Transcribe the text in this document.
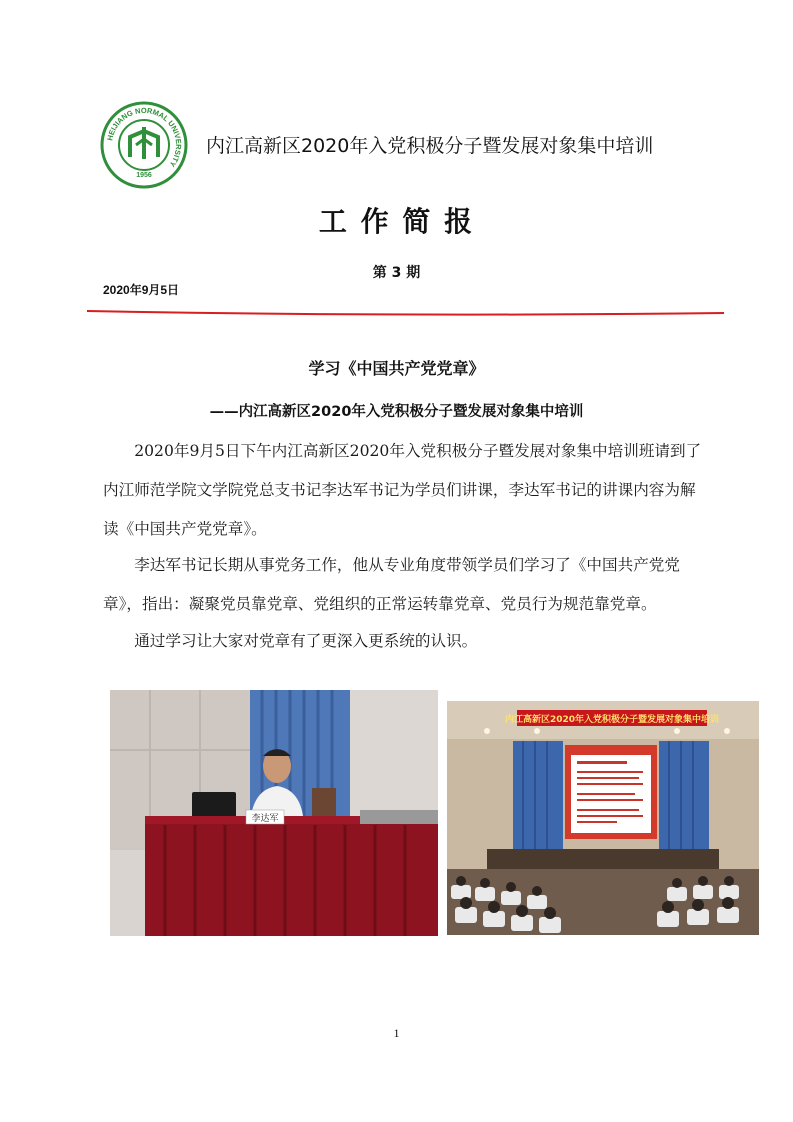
HEIJIANG NORMAL UNIVERSITY
1956
内江高新区2020年入党积极分子暨发展对象集中培训
工 作 简 报
第 3 期
2020年9月5日
学习《中国共产党党章》
——内江高新区2020年入党积极分子暨发展对象集中培训
　　2020年9月5日下午内江高新区2020年入党积极分子暨发展对象集中培训班请到了
内江师范学院文学院党总支书记李达军书记为学员们讲课，李达军书记的讲课内容为解
读《中国共产党党章》。
　　李达军书记长期从事党务工作，他从专业角度带领学员们学习了《中国共产党党
章》，指出：凝聚党员靠党章、党组织的正常运转靠党章、党员行为规范靠党章。
　　通过学习让大家对党章有了更深入更系统的认识。
李达军
内江高新区2020年入党积极分子暨发展对象集中培训
1
